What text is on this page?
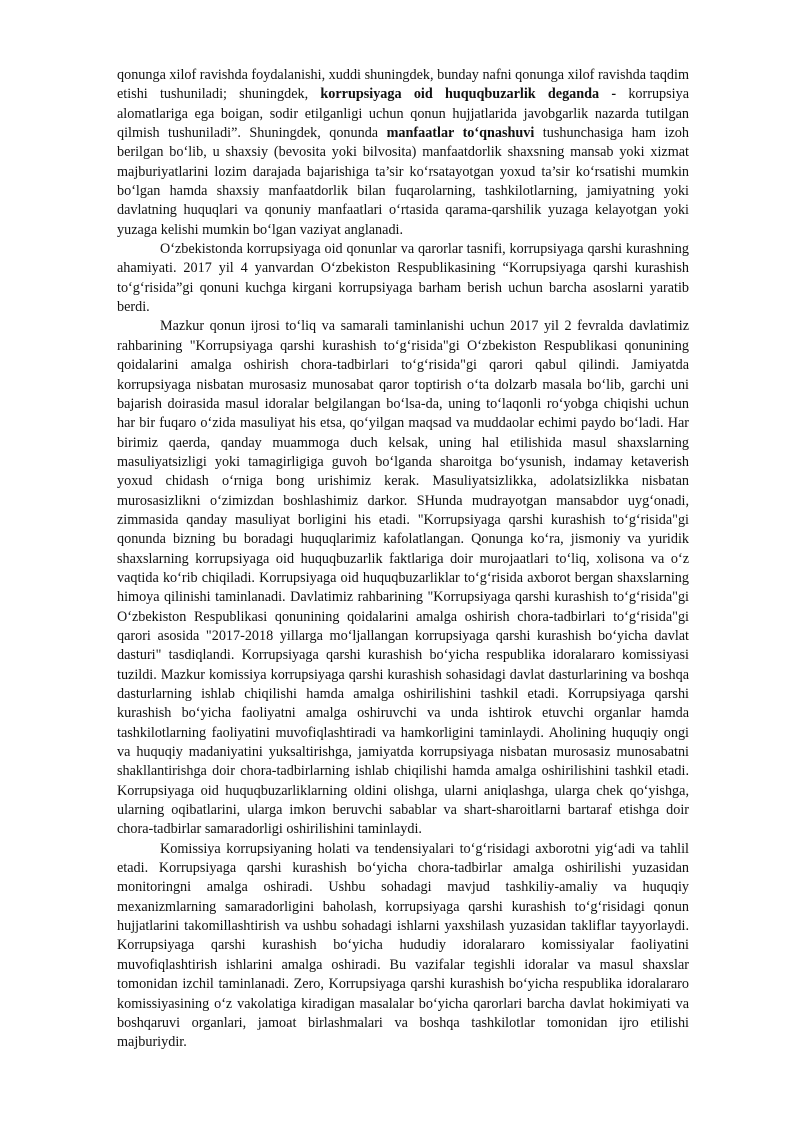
qonunga xilof ravishda foydalanishi, xuddi shuningdek, bunday nafni qonunga xilof ravishda taqdim etishi tushuniladi; shuningdek, korrupsiyaga oid huquqbuzarlik deganda - korrupsiya alomatlariga ega boigan, sodir etilganligi uchun qonun hujjatlarida javobgarlik nazarda tutilgan qilmish tushuniladi”. Shuningdek, qonunda manfaatlar to‘qnashuvi tushunchasiga ham izoh berilgan bo‘lib, u shaxsiy (bevosita yoki bilvosita) manfaatdorlik shaxsning mansab yoki xizmat majburiyatlarini lozim darajada bajarishiga ta’sir ko‘rsatayotgan yoxud ta’sir ko‘rsatishi mumkin bo‘lgan hamda shaxsiy manfaatdorlik bilan fuqarolarning, tashkilotlarning, jamiyatning yoki davlatning huquqlari va qonuniy manfaatlari o‘rtasida qarama-qarshilik yuzaga kelayotgan yoki yuzaga kelishi mumkin bo‘lgan vaziyat anglanadi.

O‘zbekistonda korrupsiyaga oid qonunlar va qarorlar tasnifi, korrupsiyaga qarshi kurashning ahamiyati. 2017 yil 4 yanvardan O‘zbekiston Respublikasining “Korrupsiyaga qarshi kurashish to‘g‘risida”gi qonuni kuchga kirgani korrupsiyaga barham berish uchun barcha asoslarni yaratib berdi.

Mazkur qonun ijrosi to‘liq va samarali taminlanishi uchun 2017 yil 2 fevralda davlatimiz rahbarining "Korrupsiyaga qarshi kurashish to‘g‘risida"gi O‘zbekiston Respublikasi qonunining qoidalarini amalga oshirish chora-tadbirlari to‘g‘risida"gi qarori qabul qilindi. Jamiyatda korrupsiyaga nisbatan murosasiz munosabat qaror toptirish o‘ta dolzarb masala bo‘lib, garchi uni bajarish doirasida masul idoralar belgilangan bo‘lsa-da, uning to‘laqonli ro‘yobga chiqishi uchun har bir fuqaro o‘zida masuliyat his etsa, qo‘yilgan maqsad va muddaolar echimi paydo bo‘ladi. Har birimiz qaerda, qanday muammoga duch kelsak, uning hal etilishida masul shaxslarning masuliyatsizligi yoki tamagirligiga guvoh bo‘lganda sharoitga bo‘ysunish, indamay ketaverish yoxud chidash o‘rniga bong urishimiz kerak. Masuliyatsizlikka, adolatsizlikka nisbatan murosasizlikni o‘zimizdan boshlashimiz darkor. SHunda mudrayotgan mansabdor uyg‘onadi, zimmasida qanday masuliyat borligini his etadi. "Korrupsiyaga qarshi kurashish to‘g‘risida"gi qonunda bizning bu boradagi huquqlarimiz kafolatlangan. Qonunga ko‘ra, jismoniy va yuridik shaxslarning korrupsiyaga oid huquqbuzarlik faktlariga doir murojaatlari to‘liq, xolisona va o‘z vaqtida ko‘rib chiqiladi. Korrupsiyaga oid huquqbuzarliklar to‘g‘risida axborot bergan shaxslarning himoya qilinishi taminlanadi. Davlatimiz rahbarining "Korrupsiyaga qarshi kurashish to‘g‘risida"gi O‘zbekiston Respublikasi qonunining qoidalarini amalga oshirish chora-tadbirlari to‘g‘risida"gi qarori asosida "2017-2018 yillarga mo‘ljallangan korrupsiyaga qarshi kurashish bo‘yicha davlat dasturi" tasdiqlandi. Korrupsiyaga qarshi kurashish bo‘yicha respublika idoralararo komissiyasi tuzildi. Mazkur komissiya korrupsiyaga qarshi kurashish sohasidagi davlat dasturlarining va boshqa dasturlarning ishlab chiqilishi hamda amalga oshirilishini tashkil etadi. Korrupsiyaga qarshi kurashish bo‘yicha faoliyatni amalga oshiruvchi va unda ishtirok etuvchi organlar hamda tashkilotlarning faoliyatini muvofiqlashtiradi va hamkorligini taminlaydi. Aholining huquqiy ongi va huquqiy madaniyatini yuksaltirishga, jamiyatda korrupsiyaga nisbatan murosasiz munosabatni shakllantirishga doir chora-tadbirlarning ishlab chiqilishi hamda amalga oshirilishini tashkil etadi. Korrupsiyaga oid huquqbuzarliklarning oldini olishga, ularni aniqlashga, ularga chek qo‘yishga, ularning oqibatlarini, ularga imkon beruvchi sabablar va shart-sharoitlarni bartaraf etishga doir chora-tadbirlar samaradorligi oshirilishini taminlaydi.

Komissiya korrupsiyaning holati va tendensiyalari to‘g‘risidagi axborotni yig‘adi va tahlil etadi. Korrupsiyaga qarshi kurashish bo‘yicha chora-tadbirlar amalga oshirilishi yuzasidan monitoringni amalga oshiradi. Ushbu sohadagi mavjud tashkiliy-amaliy va huquqiy mexanizmlarning samaradorligini baholash, korrupsiyaga qarshi kurashish to‘g‘risidagi qonun hujjatlarini takomillashtirish va ushbu sohadagi ishlarni yaxshilash yuzasidan takliflar tayyorlaydi. Korrupsiyaga qarshi kurashish bo‘yicha hududiy idoralararo komissiyalar faoliyatini muvofiqlashtirish ishlarini amalga oshiradi. Bu vazifalar tegishli idoralar va masul shaxslar tomonidan izchil taminlanadi. Zero, Korrupsiyaga qarshi kurashish bo‘yicha respublika idoralararo komissiyasining o‘z vakolatiga kiradigan masalalar bo‘yicha qarorlari barcha davlat hokimiyati va boshqaruvi organlari, jamoat birlashmalari va boshqa tashkilotlar tomonidan ijro etilishi majburiydir.
